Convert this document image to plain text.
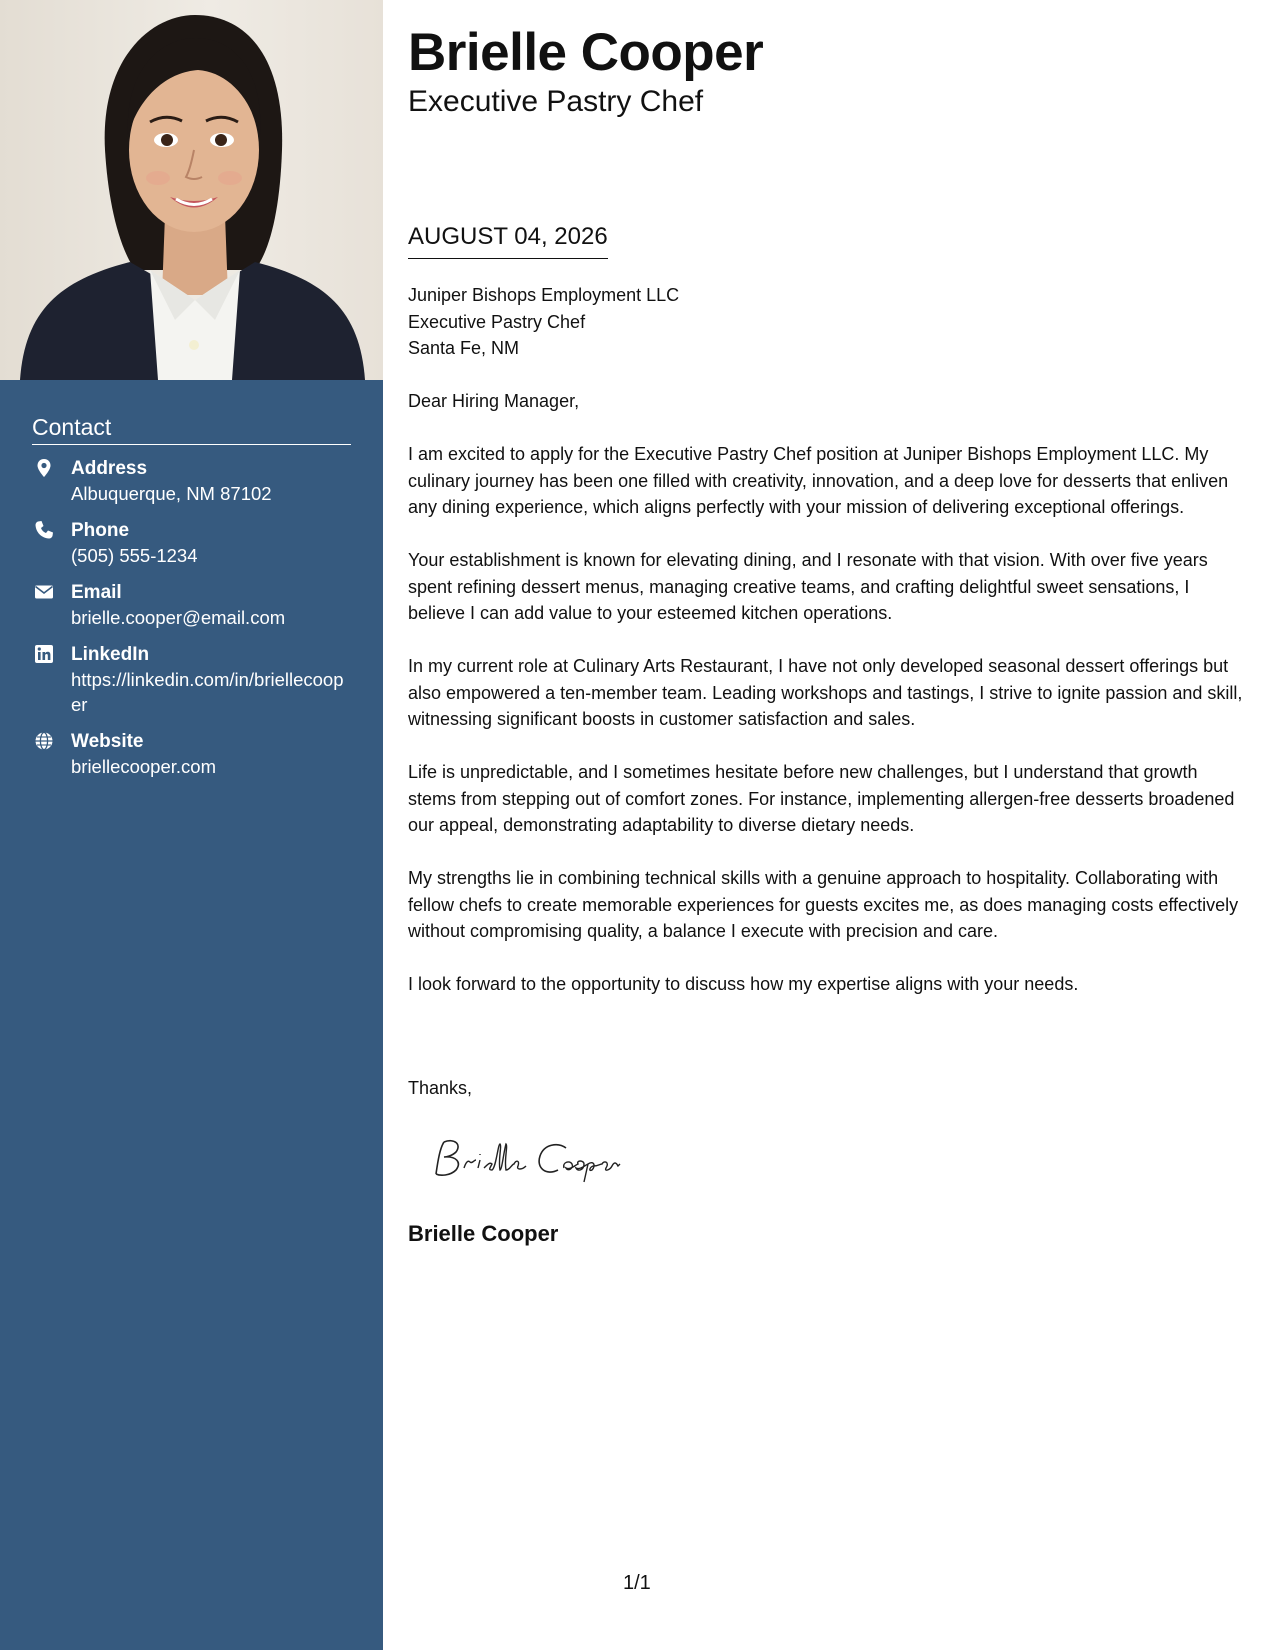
Contact
Address
Albuquerque, NM 87102
Phone
(505) 555-1234
Email
brielle.cooper@email.com
LinkedIn
https://linkedin.com/in/briellecooper
Website
briellecooper.com
Brielle Cooper
Executive Pastry Chef
AUGUST 04, 2026
Juniper Bishops Employment LLC
Executive Pastry Chef
Santa Fe, NM

Dear Hiring Manager,

I am excited to apply for the Executive Pastry Chef position at Juniper Bishops Employment LLC. My culinary journey has been one filled with creativity, innovation, and a deep love for desserts that enliven any dining experience, which aligns perfectly with your mission of delivering exceptional offerings.

Your establishment is known for elevating dining, and I resonate with that vision. With over five years spent refining dessert menus, managing creative teams, and crafting delightful sweet sensations, I believe I can add value to your esteemed kitchen operations.

In my current role at Culinary Arts Restaurant, I have not only developed seasonal dessert offerings but also empowered a ten-member team. Leading workshops and tastings, I strive to ignite passion and skill, witnessing significant boosts in customer satisfaction and sales.

Life is unpredictable, and I sometimes hesitate before new challenges, but I understand that growth stems from stepping out of comfort zones. For instance, implementing allergen-free desserts broadened our appeal, demonstrating adaptability to diverse dietary needs.

My strengths lie in combining technical skills with a genuine approach to hospitality. Collaborating with fellow chefs to create memorable experiences for guests excites me, as does managing costs effectively without compromising quality, a balance I execute with precision and care.

I look forward to the opportunity to discuss how my expertise aligns with your needs.

Thanks,
Brielle Cooper
1/1
